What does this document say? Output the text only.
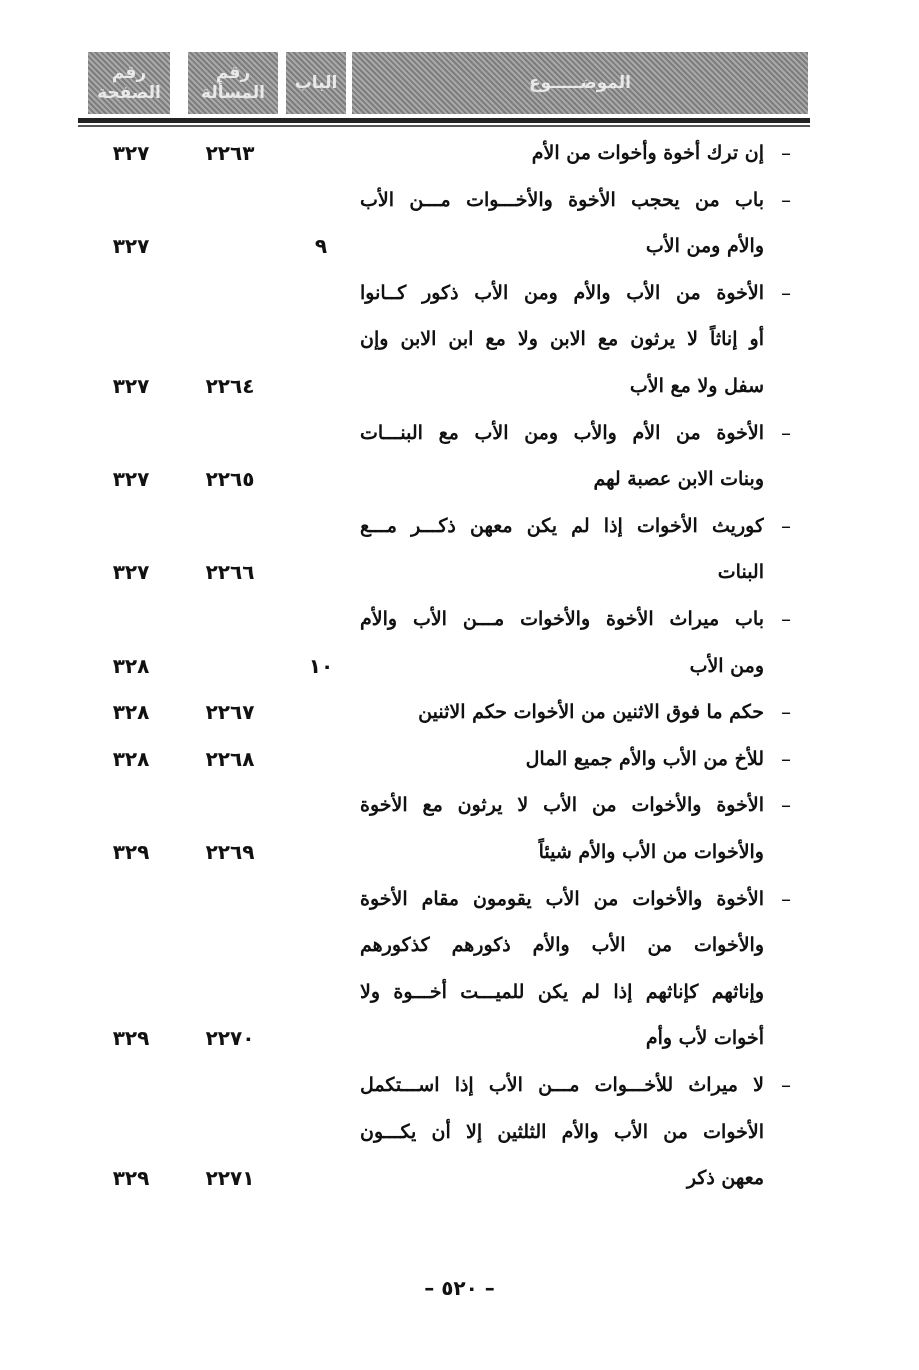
الموضـــــوع
الباب
رقم
المسألة
رقم
الصفحة
–
إن ترك أخوة وأخوات من الأم
٢٢٦٣
٣٢٧
–
باب من يحجب الأخوة والأخـــوات مـــن الأب
والأم ومن الأب
٩
٣٢٧
–
الأخوة من الأب والأم ومن الأب ذكور كــانوا
أو إناثاً لا يرثون مع الابن ولا مع ابن الابن وإن
سفل ولا مع الأب
٢٢٦٤
٣٢٧
–
الأخوة من الأم والأب ومن الأب مع البنـــات
وبنات الابن عصبة لهم
٢٢٦٥
٣٢٧
–
كوريث الأخوات إذا لم يكن معهن ذكـــر مـــع
البنات
٢٢٦٦
٣٢٧
–
باب ميراث الأخوة والأخوات مـــن الأب والأم
ومن الأب
١٠
٣٢٨
–
حكم ما فوق الاثنين من الأخوات حكم الاثنين
٢٢٦٧
٣٢٨
–
للأخ من الأب والأم جميع المال
٢٢٦٨
٣٢٨
–
الأخوة والأخوات من الأب لا يرثون مع الأخوة
والأخوات من الأب والأم شيئاً
٢٢٦٩
٣٢٩
–
الأخوة والأخوات من الأب يقومون مقام الأخوة
والأخوات من الأب والأم ذكورهم كذكورهم
وإناثهم كإناثهم إذا لم يكن للميـــت أخـــوة ولا
أخوات لأب وأم
٢٢٧٠
٣٢٩
–
لا ميراث للأخـــوات مـــن الأب إذا اســـتكمل
الأخوات من الأب والأم الثلثين إلا أن يكـــون
معهن ذكر
٢٢٧١
٣٢٩
– ٥٢٠ –
